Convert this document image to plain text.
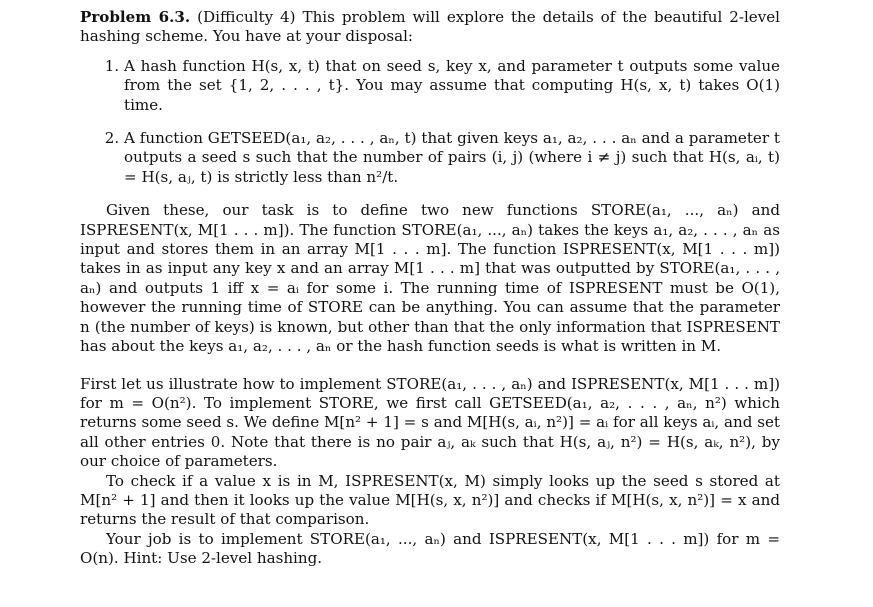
Problem 6.3. (Difficulty 4) This problem will explore the details of the beautiful 2-level hashing scheme. You have at your disposal:

1. A hash function H(s, x, t) that on seed s, key x, and parameter t outputs some value from the set {1, 2, . . . , t}. You may assume that computing H(s, x, t) takes O(1) time.
2. A function GETSEED(a₁, a₂, . . . , aₙ, t) that given keys a₁, a₂, . . . aₙ and a parameter t outputs a seed s such that the number of pairs (i, j) (where i ≠ j) such that H(s, aᵢ, t) = H(s, aⱼ, t) is strictly less than n²/t.

Given these, our task is to define two new functions STORE(a₁, ..., aₙ) and ISPRESENT(x, M[1 . . . m]). The function STORE(a₁, ..., aₙ) takes the keys a₁, a₂, . . . , aₙ as input and stores them in an array M[1 . . . m]. The function ISPRESENT(x, M[1 . . . m]) takes in as input any key x and an array M[1 . . . m] that was outputted by STORE(a₁, . . . , aₙ) and outputs 1 iff x = aᵢ for some i. The running time of ISPRESENT must be O(1), however the running time of STORE can be anything. You can assume that the parameter n (the number of keys) is known, but other than that the only information that ISPRESENT has about the keys a₁, a₂, . . . , aₙ or the hash function seeds is what is written in M.

First let us illustrate how to implement STORE(a₁, . . . , aₙ) and ISPRESENT(x, M[1 . . . m]) for m = O(n²). To implement STORE, we first call GETSEED(a₁, a₂, . . . , aₙ, n²) which returns some seed s. We define M[n² + 1] = s and M[H(s, aᵢ, n²)] = aᵢ for all keys aᵢ, and set all other entries 0. Note that there is no pair aⱼ, aₖ such that H(s, aⱼ, n²) = H(s, aₖ, n²), by our choice of parameters.

To check if a value x is in M, ISPRESENT(x, M) simply looks up the seed s stored at M[n² + 1] and then it looks up the value M[H(s, x, n²)] and checks if M[H(s, x, n²)] = x and returns the result of that comparison.

Your job is to implement STORE(a₁, ..., aₙ) and ISPRESENT(x, M[1 . . . m]) for m = O(n). Hint: Use 2-level hashing.
